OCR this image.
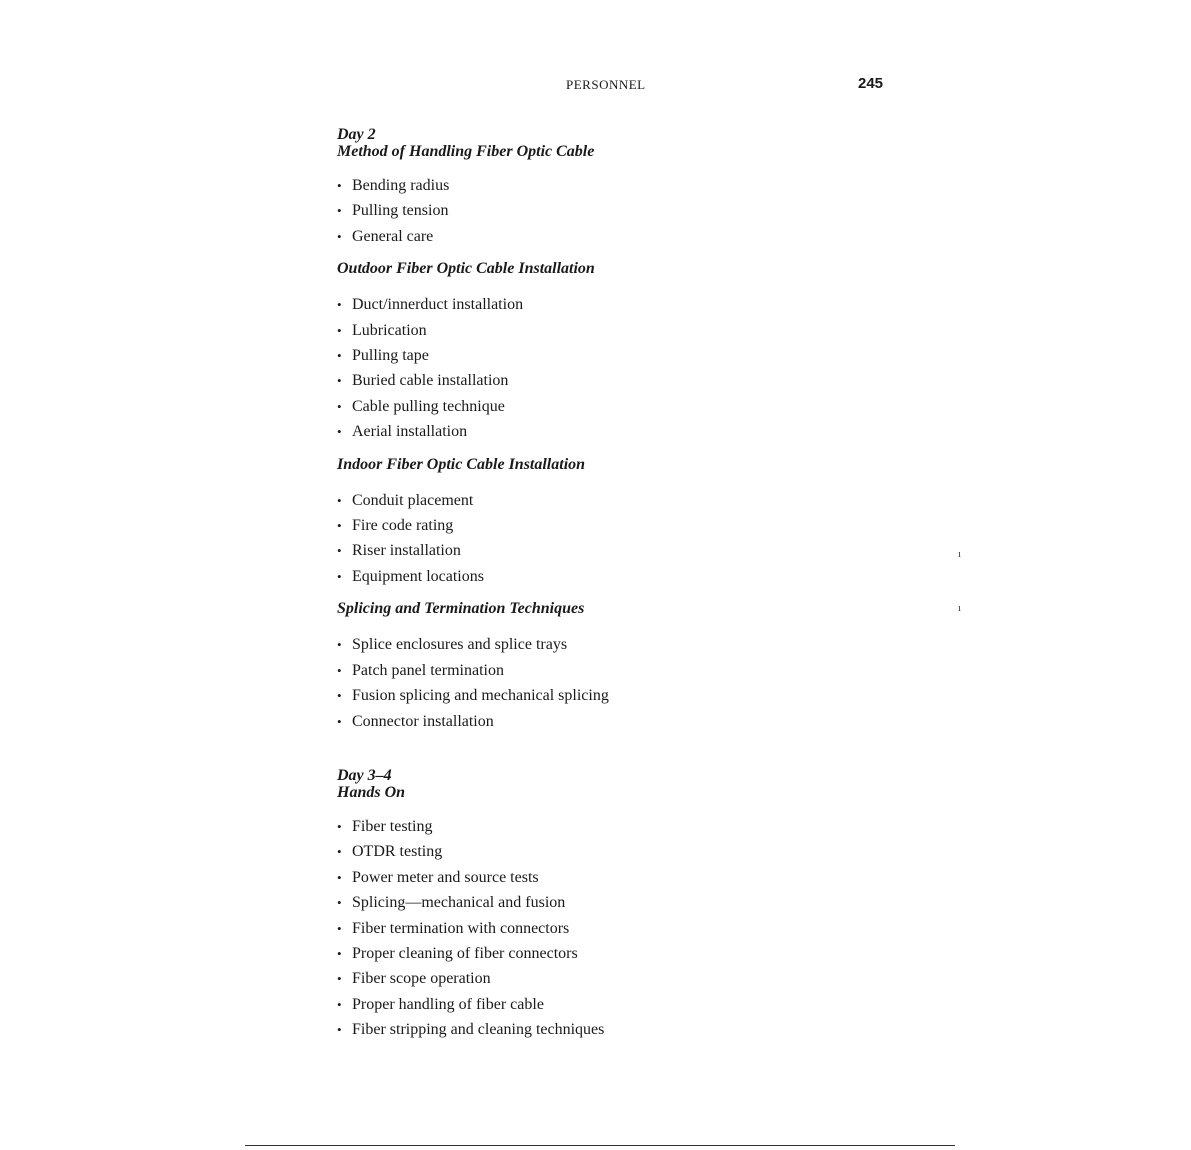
PERSONNEL	245

Day 2

Method of Handling Fiber Optic Cable

• Bending radius
• Pulling tension
• General care

Outdoor Fiber Optic Cable Installation

• Duct/innerduct installation
• Lubrication
• Pulling tape
• Buried cable installation
• Cable pulling technique
• Aerial installation

Indoor Fiber Optic Cable Installation

• Conduit placement
• Fire code rating
• Riser installation
• Equipment locations

Splicing and Termination Techniques

• Splice enclosures and splice trays
• Patch panel termination
• Fusion splicing and mechanical splicing
• Connector installation

Day 3–4

Hands On

• Fiber testing
• OTDR testing
• Power meter and source tests
• Splicing—mechanical and fusion
• Fiber termination with connectors
• Proper cleaning of fiber connectors
• Fiber scope operation
• Proper handling of fiber cable
• Fiber stripping and cleaning techniques
ı
ı
